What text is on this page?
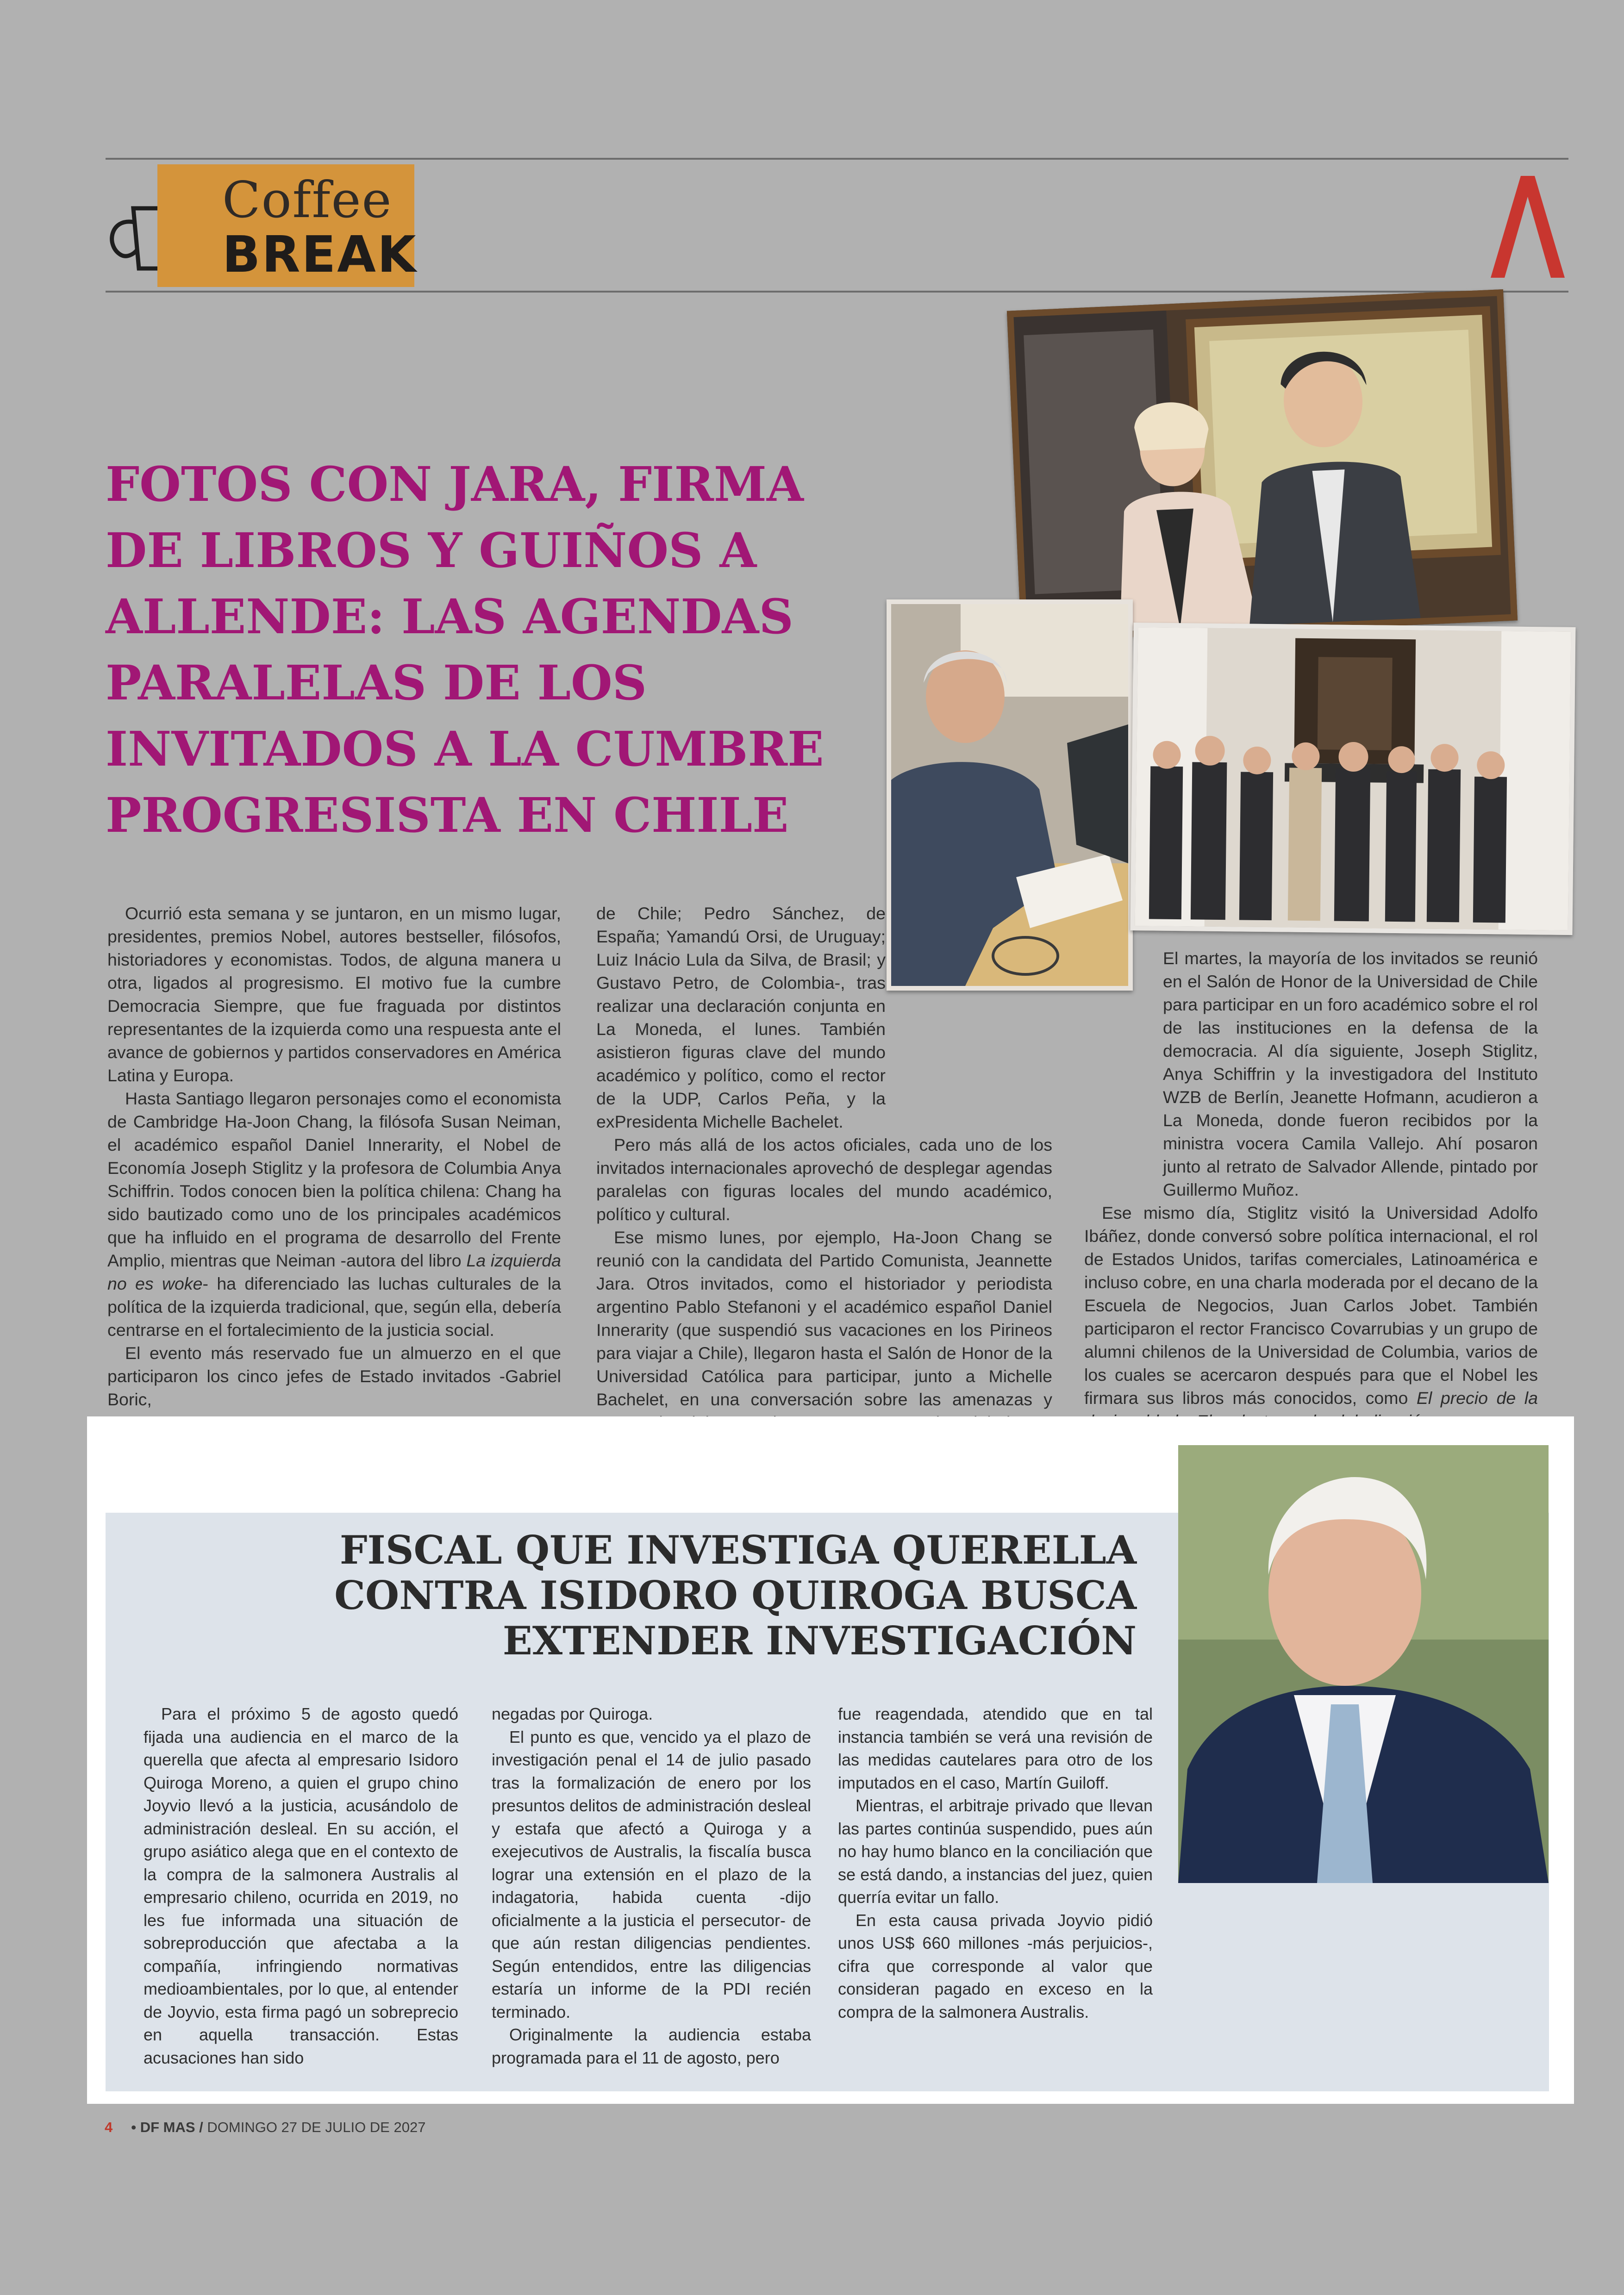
Coffee
BREAK
FOTOS CON JARA, FIRMA DE LIBROS Y GUIÑOS A ALLENDE: LAS AGENDAS PARALELAS DE LOS INVITADOS A LA CUMBRE PROGRESISTA EN CHILE

Ocurrió esta semana y se juntaron, en un mismo lugar, presidentes, premios Nobel, autores bestseller, filósofos, historiadores y economistas. Todos, de alguna manera u otra, ligados al progresismo. El motivo fue la cumbre Democracia Siempre, que fue fraguada por distintos representantes de la izquierda como una respuesta ante el avance de gobiernos y partidos conservadores en América Latina y Europa.

Hasta Santiago llegaron personajes como el economista de Cambridge Ha-Joon Chang, la filósofa Susan Neiman, el académico español Daniel Innerarity, el Nobel de Economía Joseph Stiglitz y la profesora de Columbia Anya Schiffrin. Todos conocen bien la política chilena: Chang ha sido bautizado como uno de los principales académicos que ha influido en el programa de desarrollo del Frente Amplio, mientras que Neiman -autora del libro La izquierda no es woke- ha diferenciado las luchas culturales de la política de la izquierda tradicional, que, según ella, debería centrarse en el fortalecimiento de la justicia social.

El evento más reservado fue un almuerzo en el que participaron los cinco jefes de Estado invitados -Gabriel Boric,

de Chile; Pedro Sánchez, de España; Yamandú Orsi, de Uruguay; Luiz Inácio Lula da Silva, de Brasil; y Gustavo Petro, de Colombia-, tras realizar una declaración conjunta en La Moneda, el lunes. También asistieron figuras clave del mundo académico y político, como el rector de la UDP, Carlos Peña, y la exPresidenta Michelle Bachelet.

Pero más allá de los actos oficiales, cada uno de los invitados internacionales aprovechó de desplegar agendas paralelas con figuras locales del mundo académico, político y cultural.

Ese mismo lunes, por ejemplo, Ha-Joon Chang se reunió con la candidata del Partido Comunista, Jeannette Jara. Otros invitados, como el historiador y periodista argentino Pablo Stefanoni y el académico español Daniel Innerarity (que suspendió sus vacaciones en los Pirineos para viajar a Chile), llegaron hasta el Salón de Honor de la Universidad Católica para participar, junto a Michelle Bachelet, en una conversación sobre las amenazas y

El martes, la mayoría de los invitados se reunió en el Salón de Honor de la Universidad de Chile para participar en un foro académico sobre el rol de las instituciones en la defensa de la democracia. Al día siguiente, Joseph Stiglitz, Anya Schiffrin y la investigadora del Instituto WZB de Berlín, Jeanette Hofmann, acudieron a La Moneda, donde fueron recibidos por la ministra vocera Camila Vallejo. Ahí posaron junto al retrato de Salvador Allende, pintado por Guillermo Muñoz.

Ese mismo día, Stiglitz visitó la Universidad Adolfo Ibáñez, donde conversó sobre política internacional, el rol de Estados Unidos, tarifas comerciales, Latinoamérica e incluso cobre, en una charla moderada por el decano de la Escuela de Negocios, Juan Carlos Jobet. También participaron el rector Francisco Covarrubias y un grupo de alumni chilenos de la Universidad de Columbia, varios de los cuales se acercaron después para que el Nobel les firmara sus libros más conocidos, como El precio de la

FISCAL QUE INVESTIGA QUERELLA CONTRA ISIDORO QUIROGA BUSCA EXTENDER INVESTIGACIÓN

Para el próximo 5 de agosto quedó fijada una audiencia en el marco de la querella que afecta al empresario Isidoro Quiroga Moreno, a quien el grupo chino Joyvio llevó a la justicia, acusándolo de administración desleal. En su acción, el grupo asiático alega que en el contexto de la compra de la salmonera Australis al empresario chileno, ocurrida en 2019, no les fue informada una situación de sobreproducción que afectaba a la compañía, infringiendo normativas medioambientales, por lo que, al entender de Joyvio, esta firma pagó un sobreprecio en aquella transacción. Estas acusaciones han sido

negadas por Quiroga.

El punto es que, vencido ya el plazo de investigación penal el 14 de julio pasado tras la formalización de enero por los presuntos delitos de administración desleal y estafa que afectó a Quiroga y a exejecutivos de Australis, la fiscalía busca lograr una extensión en el plazo de la indagatoria, habida cuenta -dijo oficialmente a la justicia el persecutor- de que aún restan diligencias pendientes. Según entendidos, entre las diligencias estaría un informe de la PDI recién terminado.

Originalmente la audiencia estaba programada para el 11 de agosto, pero

fue reagendada, atendido que en tal instancia también se verá una revisión de las medidas cautelares para otro de los imputados en el caso, Martín Guiloff.

Mientras, el arbitraje privado que llevan las partes continúa suspendido, pues aún no hay humo blanco en la conciliación que se está dando, a instancias del juez, quien querría evitar un fallo.

En esta causa privada Joyvio pidió unos US$ 660 millones -más perjuicios-, cifra que corresponde al valor que consideran pagado en exceso en la compra de la salmonera Australis.

4 • DF MAS / DOMINGO 27 DE JULIO DE 2027
